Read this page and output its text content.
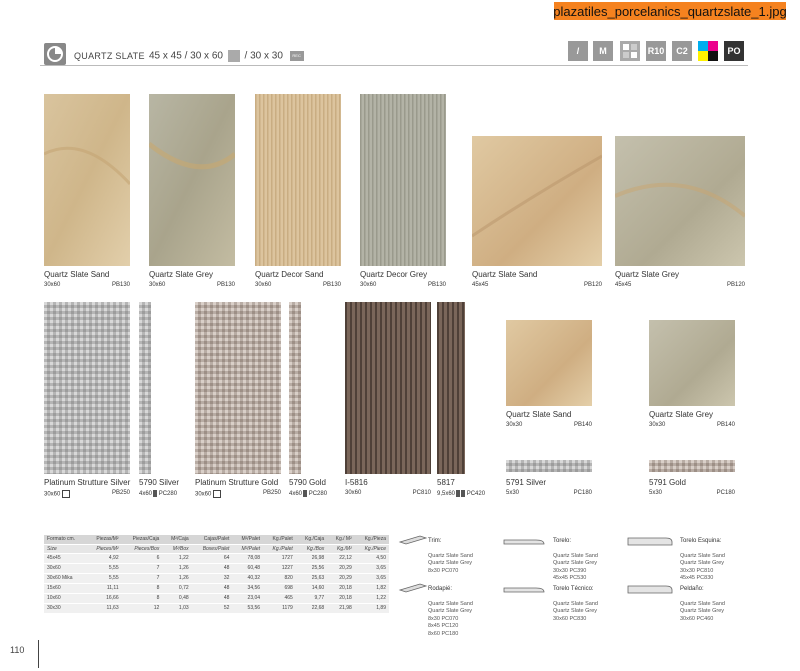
plazatiles_porcelanics_quartzslate_1.jpg
QUARTZ SLATE 45 x 45 / 30 x 60 / 30 x 30 REC	/	M	R10	C2	PO
Quartz Slate Sand
30x60	PB130
Quartz Slate Grey
30x60	PB130
Quartz Decor Sand
30x60	PB130
Quartz Decor Grey
30x60	PB130
Quartz Slate Sand
45x45	PB120
Quartz Slate Grey
45x45	PB120
Platinum Strutture Silver
30x60	PB250
5790 Silver
4x60 PC280
Platinum Strutture Gold
30x60	PB250
5790 Gold
4x60 PC280
I-5816
30x60	PC810
5817
9,5x60 PC420
Quartz Slate Sand
30x30	PB140
Quartz Slate Grey
30x30	PB140
5791 Silver
5x30	PC180
5791 Gold
5x30	PC180
Formato cm.	Piezas/M²	Piezas/Caja	M²/Caja	Cajas/Palet	M²/Palet	Kg./Palet	Kg./Caja	Kg./ M²	Kg./Pieza
Size	Pieces/M²	Pieces/Box	M²/Box	Boxes/Palet	M²/Palet	Kg./Palet	Kg./Box	Kg./M²	Kg./Piece
45x45	4,92	6	1,22	64	78,08	1727	26,98	22,12	4,50
30x60	5,55	7	1,26	48	60,48	1227	25,56	20,29	3,65
30x60 Mika	5,55	7	1,26	32	40,32	820	25,63	20,29	3,65
15x60	11,11	8	0,72	48	34,56	698	14,60	20,18	1,82
10x60	16,66	8	0,48	48	23,04	465	9,77	20,18	1,22
30x30	11,63	12	1,03	52	53,56	1179	22,68	21,98	1,89

Trim:

Quartz Slate Sand
Quartz Slate Grey
8x30 PC070

Rodapié:

Quartz Slate Sand
Quartz Slate Grey
8x30 PC070
8x45 PC120
8x60 PC180

Torelo:

Quartz Slate Sand
Quartz Slate Grey
30x30 PC390
45x45 PC530

Torelo Técnico:

Quartz Slate Sand
Quartz Slate Grey
30x60 PC830

Torelo Esquina:

Quartz Slate Sand
Quartz Slate Grey
30x30 PC810
45x45 PC830

Peldaño:

Quartz Slate Sand
Quartz Slate Grey
30x60 PC460

110
